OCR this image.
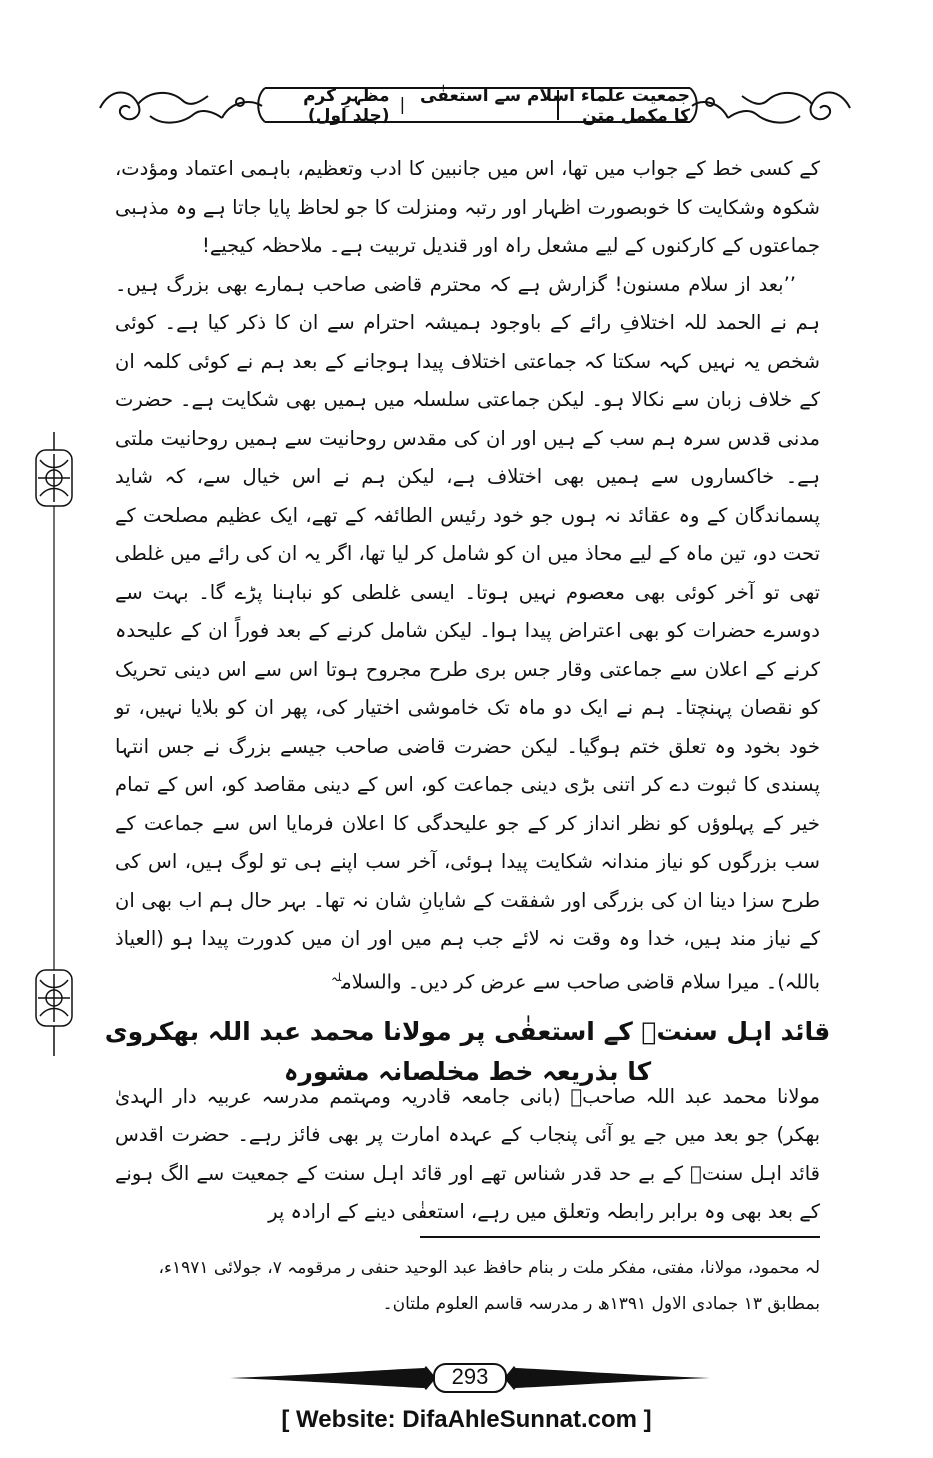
جمعیت علماء اسلام سے استعفٰی کا مکمل متن
|
مظہرِ کرم (جلد اول)

کے کسی خط کے جواب میں تھا، اس میں جانبین کا ادب وتعظیم، باہمی اعتماد ومؤدت، شکوہ وشکایت کا خوبصورت اظہار اور رتبہ ومنزلت کا جو لحاظ پایا جاتا ہے وہ مذہبی جماعتوں کے کارکنوں کے لیے مشعل راہ اور قندیل تربیت ہے۔ ملاحظہ کیجیے!

’’بعد از سلام مسنون! گزارش ہے کہ محترم قاضی صاحب ہمارے بھی بزرگ ہیں۔ ہم نے الحمد للہ اختلافِ رائے کے باوجود ہمیشہ احترام سے ان کا ذکر کیا ہے۔ کوئی شخص یہ نہیں کہہ سکتا کہ جماعتی اختلاف پیدا ہوجانے کے بعد ہم نے کوئی کلمہ ان کے خلاف زبان سے نکالا ہو۔ لیکن جماعتی سلسلہ میں ہمیں بھی شکایت ہے۔ حضرت مدنی قدس سرہ ہم سب کے ہیں اور ان کی مقدس روحانیت سے ہمیں روحانیت ملتی ہے۔ خاکساروں سے ہمیں بھی اختلاف ہے، لیکن ہم نے اس خیال سے، کہ شاید پسماندگان کے وہ عقائد نہ ہوں جو خود رئیس الطائفہ کے تھے، ایک عظیم مصلحت کے تحت دو، تین ماہ کے لیے محاذ میں ان کو شامل کر لیا تھا، اگر یہ ان کی رائے میں غلطی تھی تو آخر کوئی بھی معصوم نہیں ہوتا۔ ایسی غلطی کو نباہنا پڑے گا۔ بہت سے دوسرے حضرات کو بھی اعتراض پیدا ہوا۔ لیکن شامل کرنے کے بعد فوراً ان کے علیحدہ کرنے کے اعلان سے جماعتی وقار جس بری طرح مجروح ہوتا اس سے اس دینی تحریک کو نقصان پہنچتا۔ ہم نے ایک دو ماہ تک خاموشی اختیار کی، پھر ان کو بلایا نہیں، تو خود بخود وہ تعلق ختم ہوگیا۔ لیکن حضرت قاضی صاحب جیسے بزرگ نے جس انتہا پسندی کا ثبوت دے کر اتنی بڑی دینی جماعت کو، اس کے دینی مقاصد کو، اس کے تمام خیر کے پہلوؤں کو نظر انداز کر کے جو علیحدگی کا اعلان فرمایا اس سے جماعت کے سب بزرگوں کو نیاز مندانہ شکایت پیدا ہوئی، آخر سب اپنے ہی تو لوگ ہیں، اس کی طرح سزا دینا ان کی بزرگی اور شفقت کے شایانِ شان نہ تھا۔ بہر حال ہم اب بھی ان کے نیاز مند ہیں، خدا وہ وقت نہ لائے جب ہم میں اور ان میں کدورت پیدا ہو (العیاذ باللہ)۔ میرا سلام قاضی صاحب سے عرض کر دیں۔ والسلام$^{لہ}$

قائد اہل سنتؒ کے استعفٰی پر مولانا محمد عبد اللہ بھکروی کا بذریعہ خط مخلصانہ مشورہ

مولانا محمد عبد اللہ صاحبؒ (بانی جامعہ قادریہ ومہتمم مدرسہ عربیہ دار الہدیٰ بھکر) جو بعد میں جے یو آئی پنجاب کے عہدہ امارت پر بھی فائز رہے۔ حضرت اقدس قائد اہل سنتؒ کے بے حد قدر شناس تھے اور قائد اہل سنت کے جمعیت سے الگ ہونے کے بعد بھی وہ برابر رابطہ وتعلق میں رہے، استعفٰی دینے کے ارادہ پر

لہ محمود، مولانا، مفتی، مفکر ملت ر بنام حافظ عبد الوحید حنفی ر مرقومہ ۷، جولائی ۱۹۷۱ء، بمطابق ۱۳ جمادی الاول ۱۳۹۱ھ ر مدرسہ قاسم العلوم ملتان۔
293
[ Website: DifaAhleSunnat.com ]
